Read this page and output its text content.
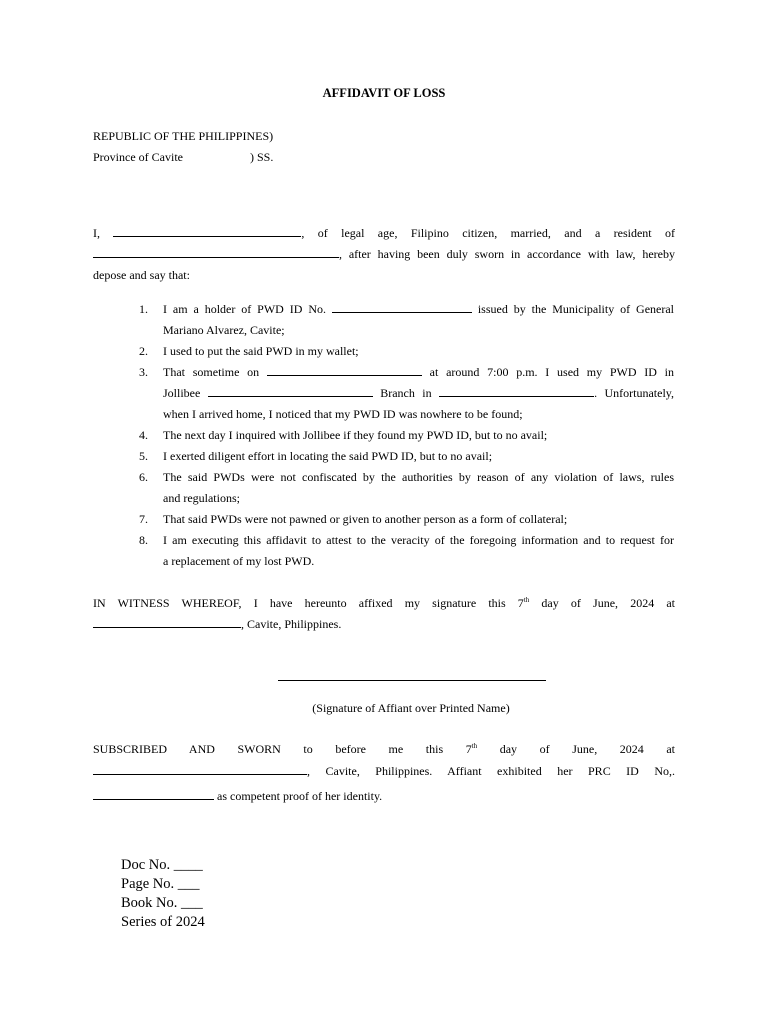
AFFIDAVIT OF LOSS
REPUBLIC OF THE PHILIPPINES)
Province of Cavite	) SS.
I,	, of legal age, Filipino citizen, married, and a resident of
, after having been duly sworn in accordance with law, hereby
depose and say that:
1. I am a holder of PWD ID No.	issued by the Municipality of General
Mariano Alvarez, Cavite;
2. I used to put the said PWD in my wallet;
3. That sometime on	at around 7:00 p.m. I used my PWD ID in
Jollibee	Branch in	. Unfortunately,
when I arrived home, I noticed that my PWD ID was nowhere to be found;
4. The next day I inquired with Jollibee if they found my PWD ID, but to no avail;
5. I exerted diligent effort in locating the said PWD ID, but to no avail;
6. The said PWDs were not confiscated by the authorities by reason of any violation of laws, rules
and regulations;
7. That said PWDs were not pawned or given to another person as a form of collateral;
8. I am executing this affidavit to attest to the veracity of the foregoing information and to request for
a replacement of my lost PWD.
IN WITNESS WHEREOF, I have hereunto affixed my signature this 7th day of June, 2024 at
, Cavite, Philippines.
(Signature of Affiant over Printed Name)
SUBSCRIBED AND SWORN to before me this 7th day of June, 2024 at
, Cavite, Philippines. Affiant exhibited her PRC ID No,.
as competent proof of her identity.
Doc No. ____
Page No. ___
Book No. ___
Series of 2024
